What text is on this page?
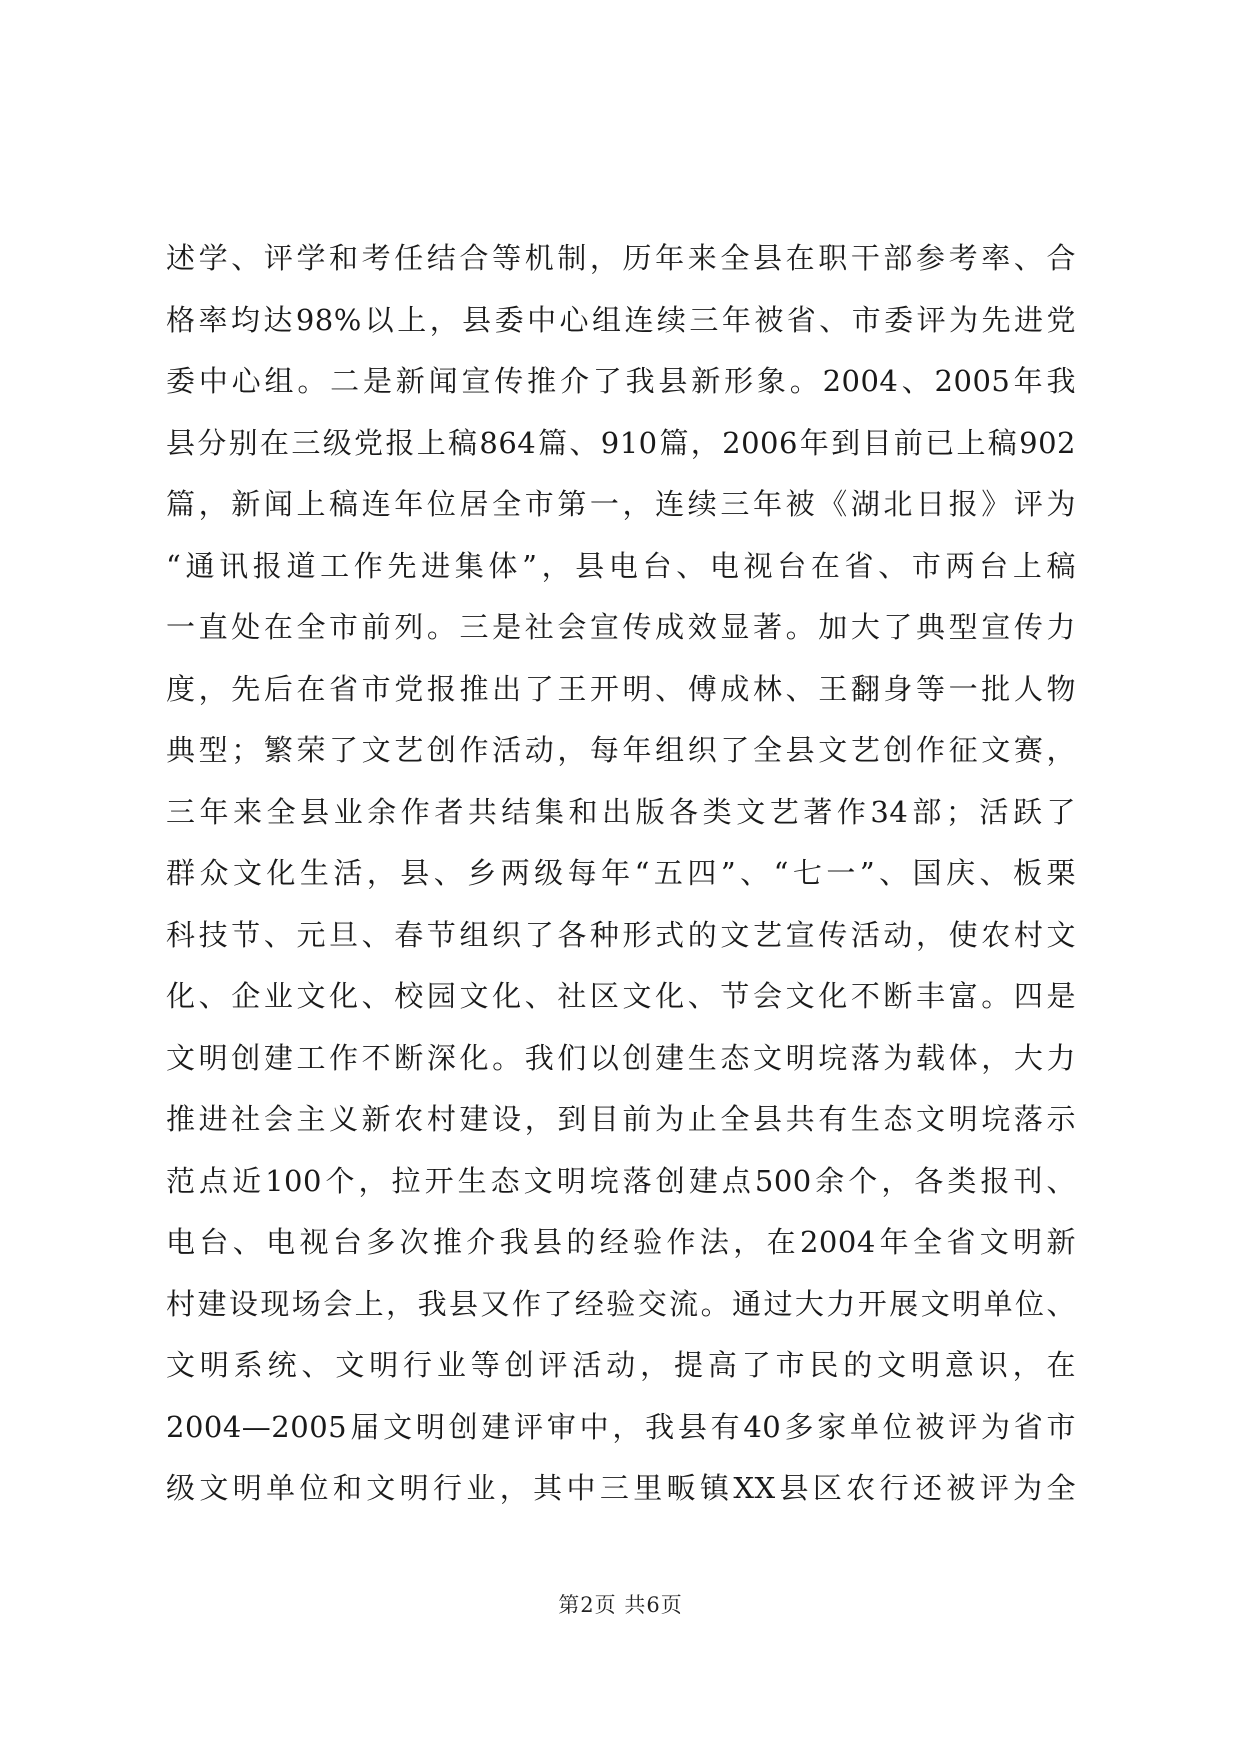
述学、评学和考任结合等机制，历年来全县在职干部参考率、合
格率均达98%以上，县委中心组连续三年被省、市委评为先进党
委中心组。二是新闻宣传推介了我县新形象。2004、2005年我
县分别在三级党报上稿864篇、910篇，2006年到目前已上稿902
篇，新闻上稿连年位居全市第一，连续三年被《湖北日报》评为
“通讯报道工作先进集体”，县电台、电视台在省、市两台上稿
一直处在全市前列。三是社会宣传成效显著。加大了典型宣传力
度，先后在省市党报推出了王开明、傅成林、王翻身等一批人物
典型；繁荣了文艺创作活动，每年组织了全县文艺创作征文赛，
三年来全县业余作者共结集和出版各类文艺著作34部；活跃了
群众文化生活，县、乡两级每年“五四”、“七一”、国庆、板栗
科技节、元旦、春节组织了各种形式的文艺宣传活动，使农村文
化、企业文化、校园文化、社区文化、节会文化不断丰富。四是
文明创建工作不断深化。我们以创建生态文明垸落为载体，大力
推进社会主义新农村建设，到目前为止全县共有生态文明垸落示
范点近100个，拉开生态文明垸落创建点500余个，各类报刊、
电台、电视台多次推介我县的经验作法，在2004年全省文明新
村建设现场会上，我县又作了经验交流。通过大力开展文明单位、
文明系统、文明行业等创评活动，提高了市民的文明意识，在
2004—2005届文明创建评审中，我县有40多家单位被评为省市
级文明单位和文明行业，其中三里畈镇XX县区农行还被评为全
第2页 共6页
